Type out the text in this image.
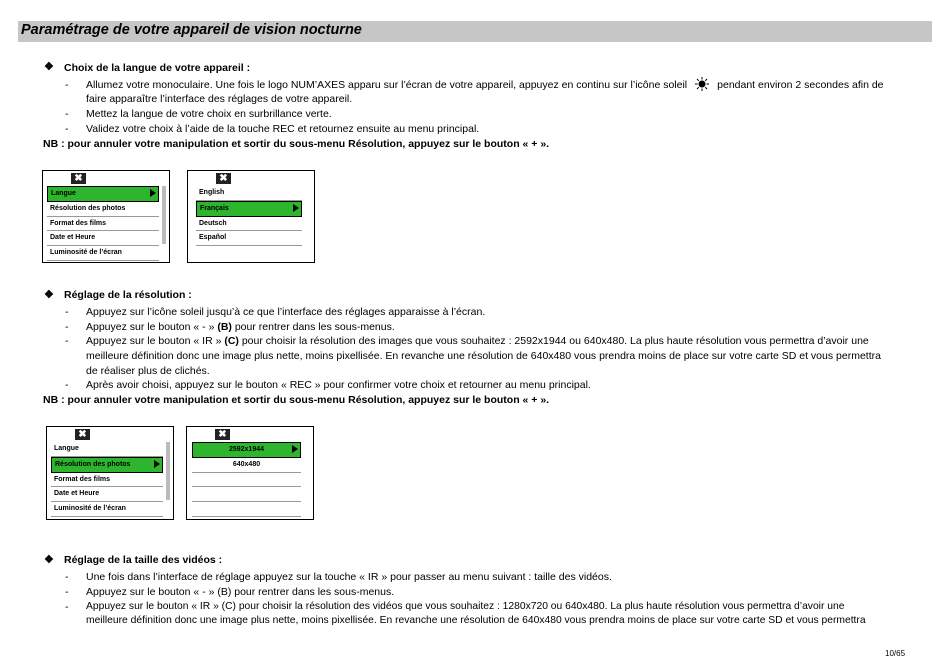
Paramétrage de votre appareil de vision nocturne
❖ Choix de la langue de votre appareil :
- Allumez votre monoculaire. Une fois le logo NUM’AXES apparu sur l’écran de votre appareil, appuyez en continu sur l’icône soleil	pendant environ 2 secondes afin de
faire apparaître l’interface des réglages de votre appareil.
- Mettez la langue de votre choix en surbrillance verte.
- Validez votre choix à l’aide de la touche REC et retournez ensuite au menu principal.
NB : pour annuler votre manipulation et sortir du sous-menu Résolution, appuyez sur le bouton « + ».
✖
Langue
Résolution des photos
Format des films
Date et Heure
Luminosité de l’écran
✖
English
Français
Deutsch
Español
❖ Réglage de la résolution :
- Appuyez sur l’icône soleil jusqu’à ce que l’interface des réglages apparaisse à l’écran.
- Appuyez sur le bouton « - » (B) pour rentrer dans les sous-menus.
- Appuyez sur le bouton « IR » (C) pour choisir la résolution des images que vous souhaitez : 2592x1944 ou 640x480. La plus haute résolution vous permettra d’avoir une
meilleure définition donc une image plus nette, moins pixellisée. En revanche une résolution de 640x480 vous prendra moins de place sur votre carte SD et vous permettra
de réaliser plus de clichés.
- Après avoir choisi, appuyez sur le bouton « REC » pour confirmer votre choix et retourner au menu principal.
NB : pour annuler votre manipulation et sortir du sous-menu Résolution, appuyez sur le bouton « + ».
✖
Langue
Résolution des photos
Format des films
Date et Heure
Luminosité de l’écran
✖
2592x1944
640x480
❖ Réglage de la taille des vidéos :
- Une fois dans l’interface de réglage appuyez sur la touche « IR » pour passer au menu suivant : taille des vidéos.
- Appuyez sur le bouton « - » (B) pour rentrer dans les sous-menus.
- Appuyez sur le bouton « IR » (C) pour choisir la résolution des vidéos que vous souhaitez : 1280x720 ou 640x480. La plus haute résolution vous permettra d’avoir une
meilleure définition donc une image plus nette, moins pixellisée. En revanche une résolution de 640x480 vous prendra moins de place sur votre carte SD et vous permettra
10/65
